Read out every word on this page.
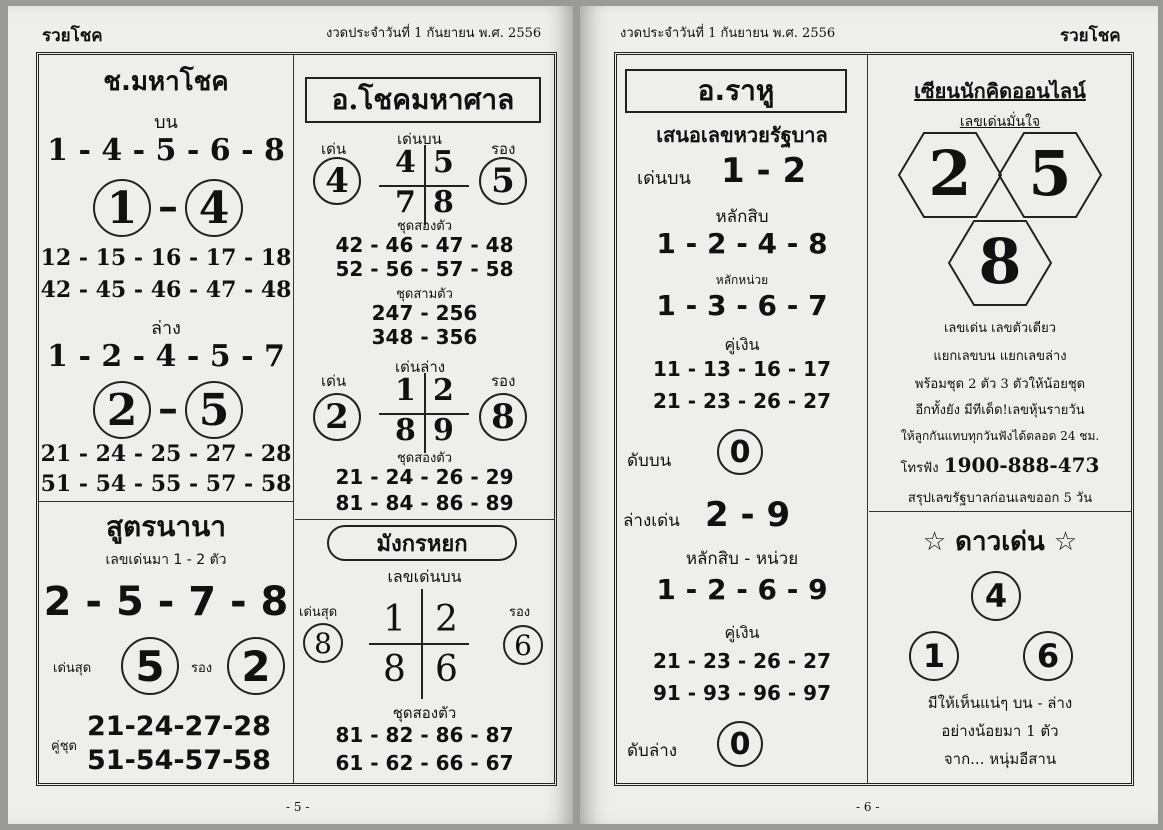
รวยโชค	งวดประจำวันที่ 1 กันยายน พ.ศ. 2556
ช.มหาโชค
บน
1 - 4 - 5 - 6 - 8
1 – 4
12 - 15 - 16 - 17 - 18
42 - 45 - 46 - 47 - 48
ล่าง
1 - 2 - 4 - 5 - 7
2 – 5
21 - 24 - 25 - 27 - 28
51 - 54 - 55 - 57 - 58
สูตรนานา
เลขเด่นมา 1 - 2 ตัว
2 - 5 - 7 - 8
เด่นสุด	5	รอง 2
คู่ชุด
21-24-27-28
51-54-57-58
อ.โชคมหาศาล
เด่น
4
เด่นบน
4 5
7 8
รอง
5
ชุดสองตัว
42 - 46 - 47 - 48
52 - 56 - 57 - 58
ชุดสามตัว
247 - 256
348 - 356
เด่น
2
เด่นล่าง
1 2
8 9
รอง
8
ชุดสองตัว
21 - 24 - 26 - 29
81 - 84 - 86 - 89
มังกรหยก
เลขเด่นบน
เด่นสุด
8
1 2
8 6
รอง
6
ชุดสองตัว
81 - 82 - 86 - 87
61 - 62 - 66 - 67
- 5 -
งวดประจำวันที่ 1 กันยายน พ.ศ. 2556	รวยโชค
อ.ราหู
เสนอเลขหวยรัฐบาล
เด่นบน 1 - 2
หลักสิบ
1 - 2 - 4 - 8
หลักหน่วย
1 - 3 - 6 - 7
คู่เงิน
11 - 13 - 16 - 17
21 - 23 - 26 - 27
ดับบน	0
ล่างเด่น 2 - 9
หลักสิบ - หน่วย
1 - 2 - 6 - 9
คู่เงิน
21 - 23 - 26 - 27
91 - 93 - 96 - 97
ดับล่าง	0
เซียนนักคิดออนไลน์
เลขเด่นมั่นใจ
2 5
8
เลขเด่น เลขตัวเดียว
แยกเลขบน แยกเลขล่าง
พร้อมชุด 2 ตัว 3 ตัวให้น้อยชุด
อีกทั้งยัง มีทีเด็ด!เลขหุ้นรายวัน
ให้ลูกกันแทบทุกวันฟังได้ตลอด 24 ชม.
โทรฟัง 1900-888-473
สรุปเลขรัฐบาลก่อนเลขออก 5 วัน
☆ ดาวเด่น ☆
4
1	6
มีให้เห็นแน่ๆ บน - ล่าง
อย่างน้อยมา 1 ตัว
จาก... หนุ่มอีสาน
- 6 -
